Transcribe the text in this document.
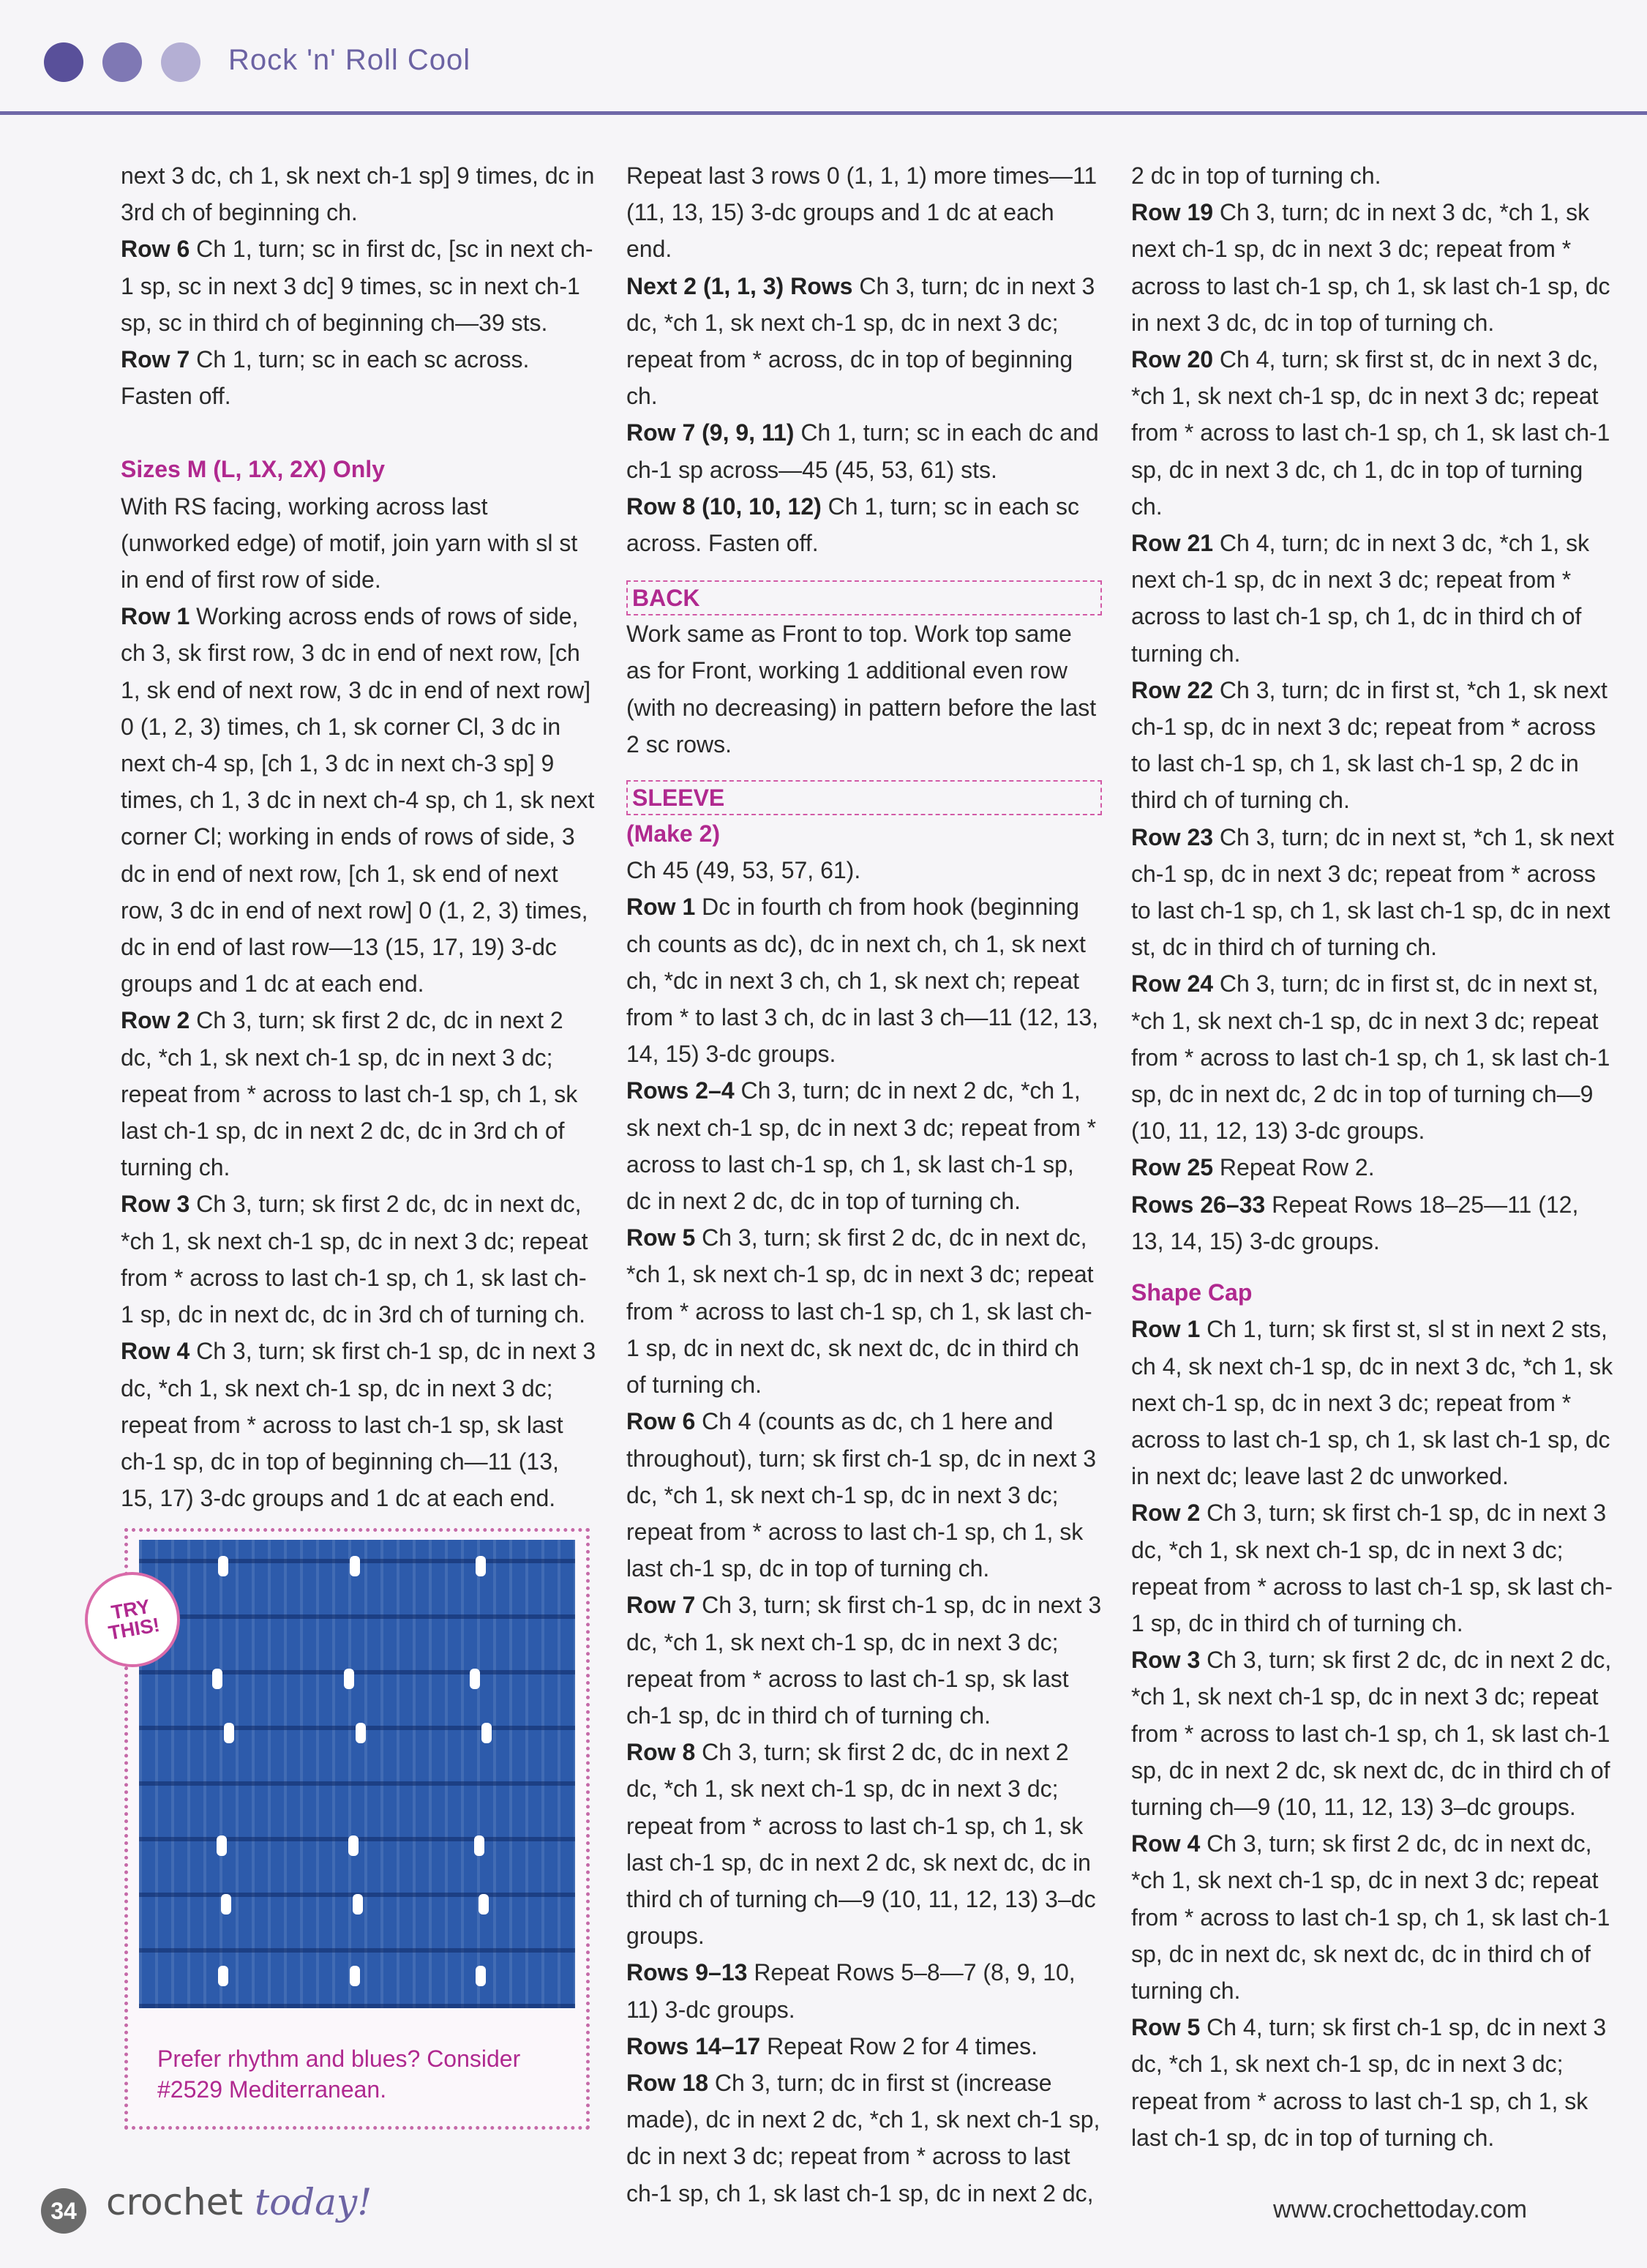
Rock 'n' Roll Cool

next 3 dc, ch 1, sk next ch-1 sp] 9 times, dc in 3rd ch of beginning ch.

Row 6 Ch 1, turn; sc in first dc, [sc in next ch-1 sp, sc in next 3 dc] 9 times, sc in next ch-1 sp, sc in third ch of beginning ch—39 sts.

Row 7 Ch 1, turn; sc in each sc across. Fasten off.

Sizes M (L, 1X, 2X) Only

With RS facing, working across last (unworked edge) of motif, join yarn with sl st in end of first row of side.

Row 1 Working across ends of rows of side, ch 3, sk first row, 3 dc in end of next row, [ch 1, sk end of next row, 3 dc in end of next row] 0 (1, 2, 3) times, ch 1, sk corner Cl, 3 dc in next ch-4 sp, [ch 1, 3 dc in next ch-3 sp] 9 times, ch 1, 3 dc in next ch-4 sp, ch 1, sk next corner Cl; working in ends of rows of side, 3 dc in end of next row, [ch 1, sk end of next row, 3 dc in end of next row] 0 (1, 2, 3) times, dc in end of last row—13 (15, 17, 19) 3-dc groups and 1 dc at each end.

Row 2 Ch 3, turn; sk first 2 dc, dc in next 2 dc, *ch 1, sk next ch-1 sp, dc in next 3 dc; repeat from * across to last ch-1 sp, ch 1, sk last ch-1 sp, dc in next 2 dc, dc in 3rd ch of turning ch.

Row 3 Ch 3, turn; sk first 2 dc, dc in next dc, *ch 1, sk next ch-1 sp, dc in next 3 dc; repeat from * across to last ch-1 sp, ch 1, sk last ch-1 sp, dc in next dc, dc in 3rd ch of turning ch.

Row 4 Ch 3, turn; sk first ch-1 sp, dc in next 3 dc, *ch 1, sk next ch-1 sp, dc in next 3 dc; repeat from * across to last ch-1 sp, sk last ch-1 sp, dc in top of beginning ch—11 (13, 15, 17) 3-dc groups and 1 dc at each end.

TRY THIS!
Prefer rhythm and blues? Consider #2529 Mediterranean.

Repeat last 3 rows 0 (1, 1, 1) more times—11 (11, 13, 15) 3-dc groups and 1 dc at each end.

Next 2 (1, 1, 3) Rows Ch 3, turn; dc in next 3 dc, *ch 1, sk next ch-1 sp, dc in next 3 dc; repeat from * across, dc in top of beginning ch.

Row 7 (9, 9, 11) Ch 1, turn; sc in each dc and ch-1 sp across—45 (45, 53, 61) sts.

Row 8 (10, 10, 12) Ch 1, turn; sc in each sc across. Fasten off.

BACK

Work same as Front to top. Work top same as for Front, working 1 additional even row (with no decreasing) in pattern before the last 2 sc rows.

SLEEVE

(Make 2)

Ch 45 (49, 53, 57, 61).

Row 1 Dc in fourth ch from hook (beginning ch counts as dc), dc in next ch, ch 1, sk next ch, *dc in next 3 ch, ch 1, sk next ch; repeat from * to last 3 ch, dc in last 3 ch—11 (12, 13, 14, 15) 3-dc groups.

Rows 2–4 Ch 3, turn; dc in next 2 dc, *ch 1, sk next ch-1 sp, dc in next 3 dc; repeat from * across to last ch-1 sp, ch 1, sk last ch-1 sp, dc in next 2 dc, dc in top of turning ch.

Row 5 Ch 3, turn; sk first 2 dc, dc in next dc, *ch 1, sk next ch-1 sp, dc in next 3 dc; repeat from * across to last ch-1 sp, ch 1, sk last ch-1 sp, dc in next dc, sk next dc, dc in third ch of turning ch.

Row 6 Ch 4 (counts as dc, ch 1 here and throughout), turn; sk first ch-1 sp, dc in next 3 dc, *ch 1, sk next ch-1 sp, dc in next 3 dc; repeat from * across to last ch-1 sp, ch 1, sk last ch-1 sp, dc in top of turning ch.

Row 7 Ch 3, turn; sk first ch-1 sp, dc in next 3 dc, *ch 1, sk next ch-1 sp, dc in next 3 dc; repeat from * across to last ch-1 sp, sk last ch-1 sp, dc in third ch of turning ch.

Row 8 Ch 3, turn; sk first 2 dc, dc in next 2 dc, *ch 1, sk next ch-1 sp, dc in next 3 dc; repeat from * across to last ch-1 sp, ch 1, sk last ch-1 sp, dc in next 2 dc, sk next dc, dc in third ch of turning ch—9 (10, 11, 12, 13) 3–dc groups.

Rows 9–13 Repeat Rows 5–8—7 (8, 9, 10, 11) 3-dc groups.

Rows 14–17 Repeat Row 2 for 4 times.

Row 18 Ch 3, turn; dc in first st (increase made), dc in next 2 dc, *ch 1, sk next ch-1 sp, dc in next 3 dc; repeat from * across to last ch-1 sp, ch 1, sk last ch-1 sp, dc in next 2 dc,

2 dc in top of turning ch.

Row 19 Ch 3, turn; dc in next 3 dc, *ch 1, sk next ch-1 sp, dc in next 3 dc; repeat from * across to last ch-1 sp, ch 1, sk last ch-1 sp, dc in next 3 dc, dc in top of turning ch.

Row 20 Ch 4, turn; sk first st, dc in next 3 dc, *ch 1, sk next ch-1 sp, dc in next 3 dc; repeat from * across to last ch-1 sp, ch 1, sk last ch-1 sp, dc in next 3 dc, ch 1, dc in top of turning ch.

Row 21 Ch 4, turn; dc in next 3 dc, *ch 1, sk next ch-1 sp, dc in next 3 dc; repeat from * across to last ch-1 sp, ch 1, dc in third ch of turning ch.

Row 22 Ch 3, turn; dc in first st, *ch 1, sk next ch-1 sp, dc in next 3 dc; repeat from * across to last ch-1 sp, ch 1, sk last ch-1 sp, 2 dc in third ch of turning ch.

Row 23 Ch 3, turn; dc in next st, *ch 1, sk next ch-1 sp, dc in next 3 dc; repeat from * across to last ch-1 sp, ch 1, sk last ch-1 sp, dc in next st, dc in third ch of turning ch.

Row 24 Ch 3, turn; dc in first st, dc in next st, *ch 1, sk next ch-1 sp, dc in next 3 dc; repeat from * across to last ch-1 sp, ch 1, sk last ch-1 sp, dc in next dc, 2 dc in top of turning ch—9 (10, 11, 12, 13) 3-dc groups.

Row 25 Repeat Row 2.

Rows 26–33 Repeat Rows 18–25—11 (12, 13, 14, 15) 3-dc groups.

Shape Cap

Row 1 Ch 1, turn; sk first st, sl st in next 2 sts, ch 4, sk next ch-1 sp, dc in next 3 dc, *ch 1, sk next ch-1 sp, dc in next 3 dc; repeat from * across to last ch-1 sp, ch 1, sk last ch-1 sp, dc in next dc; leave last 2 dc unworked.

Row 2 Ch 3, turn; sk first ch-1 sp, dc in next 3 dc, *ch 1, sk next ch-1 sp, dc in next 3 dc; repeat from * across to last ch-1 sp, sk last ch-1 sp, dc in third ch of turning ch.

Row 3 Ch 3, turn; sk first 2 dc, dc in next 2 dc, *ch 1, sk next ch-1 sp, dc in next 3 dc; repeat from * across to last ch-1 sp, ch 1, sk last ch-1 sp, dc in next 2 dc, sk next dc, dc in third ch of turning ch—9 (10, 11, 12, 13) 3–dc groups.

Row 4 Ch 3, turn; sk first 2 dc, dc in next dc, *ch 1, sk next ch-1 sp, dc in next 3 dc; repeat from * across to last ch-1 sp, ch 1, sk last ch-1 sp, dc in next dc, sk next dc, dc in third ch of turning ch.

Row 5 Ch 4, turn; sk first ch-1 sp, dc in next 3 dc, *ch 1, sk next ch-1 sp, dc in next 3 dc; repeat from * across to last ch-1 sp, ch 1, sk last ch-1 sp, dc in top of turning ch.

34 crochet today!	www.crochettoday.com
